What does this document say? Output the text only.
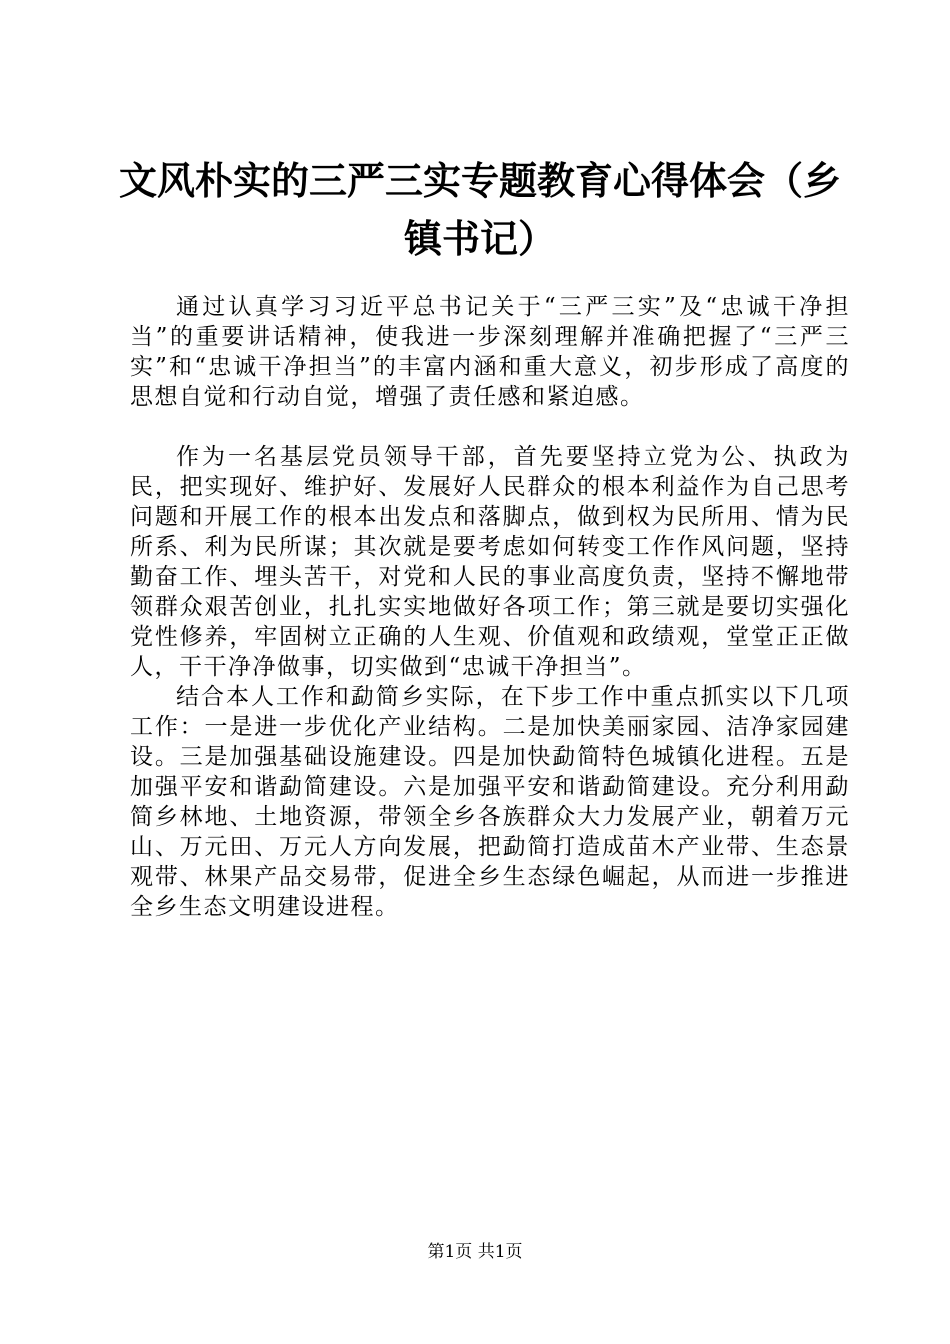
文风朴实的三严三实专题教育心得体会（乡镇书记）

通过认真学习习近平总书记关于“三严三实”及“忠诚干净担当”的重要讲话精神，使我进一步深刻理解并准确把握了“三严三实”和“忠诚干净担当”的丰富内涵和重大意义，初步形成了高度的思想自觉和行动自觉，增强了责任感和紧迫感。

作为一名基层党员领导干部，首先要坚持立党为公、执政为民，把实现好、维护好、发展好人民群众的根本利益作为自己思考问题和开展工作的根本出发点和落脚点，做到权为民所用、情为民所系、利为民所谋；其次就是要考虑如何转变工作作风问题，坚持勤奋工作、埋头苦干，对党和人民的事业高度负责，坚持不懈地带领群众艰苦创业，扎扎实实地做好各项工作；第三就是要切实强化党性修养，牢固树立正确的人生观、价值观和政绩观，堂堂正正做人，干干净净做事，切实做到“忠诚干净担当”。

结合本人工作和勐简乡实际，在下步工作中重点抓实以下几项工作：一是进一步优化产业结构。二是加快美丽家园、洁净家园建设。三是加强基础设施建设。四是加快勐简特色城镇化进程。五是加强平安和谐勐简建设。六是加强平安和谐勐简建设。充分利用勐简乡林地、土地资源，带领全乡各族群众大力发展产业，朝着万元山、万元田、万元人方向发展，把勐简打造成苗木产业带、生态景观带、林果产品交易带，促进全乡生态绿色崛起，从而进一步推进全乡生态文明建设进程。

第1页 共1页
